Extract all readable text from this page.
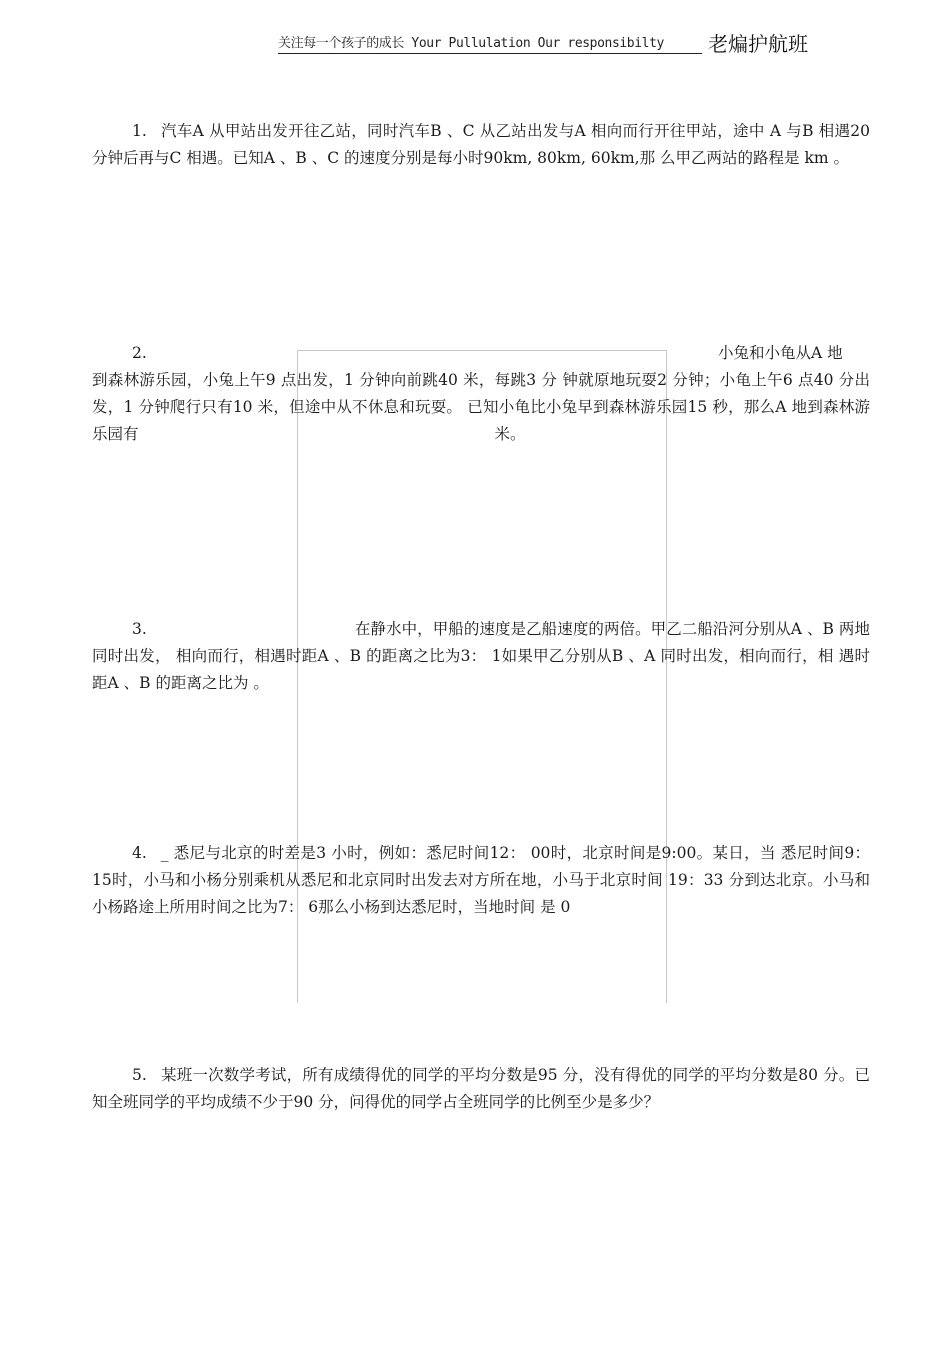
关注每一个孩子的成长 Your Pullulation Our responsibilty	老煸护航班
1. 汽车A 从甲站出发开往乙站，同时汽车B 、C 从乙站出发与A 相向而行开往甲站，途中 A 与B 相遇20 分钟后再与C 相遇。已知A 、B 、C 的速度分别是每小时90km, 80km, 60km,那 么甲乙两站的路程是 km 。
2.	小兔和小龟从A 地
到森林游乐园，小兔上午9 点出发，1 分钟向前跳40 米，每跳3 分 钟就原地玩耍2 分钟；小龟上午6 点40 分出发，1 分钟爬行只有10 米，但途中从不休息和玩耍。 已知小龟比小兔早到森林游乐园15 秒，那么A 地到森林游乐园有	米。
3.	在静水中，甲船的速度是乙船速度的两倍。甲乙二船沿河分别从A 、B 两地同时出发， 相向而行，相遇时距A 、B 的距离之比为3： 1如果甲乙分别从B 、A 同时出发，相向而行，相 遇时距A 、B 的距离之比为 。
4. _ 悉尼与北京的时差是3 小时，例如：悉尼时间12： 00时，北京时间是9:00。某日，当 悉尼时间9： 15时，小马和小杨分别乘机从悉尼和北京同时出发去对方所在地，小马于北京时间 19：33 分到达北京。小马和小杨路途上所用时间之比为7： 6那么小杨到达悉尼时，当地时间 是 0
5. 某班一次数学考试，所有成绩得优的同学的平均分数是95 分，没有得优的同学的平均分数是80 分。已知全班同学的平均成绩不少于90 分，问得优的同学占全班同学的比例至少是多少？
